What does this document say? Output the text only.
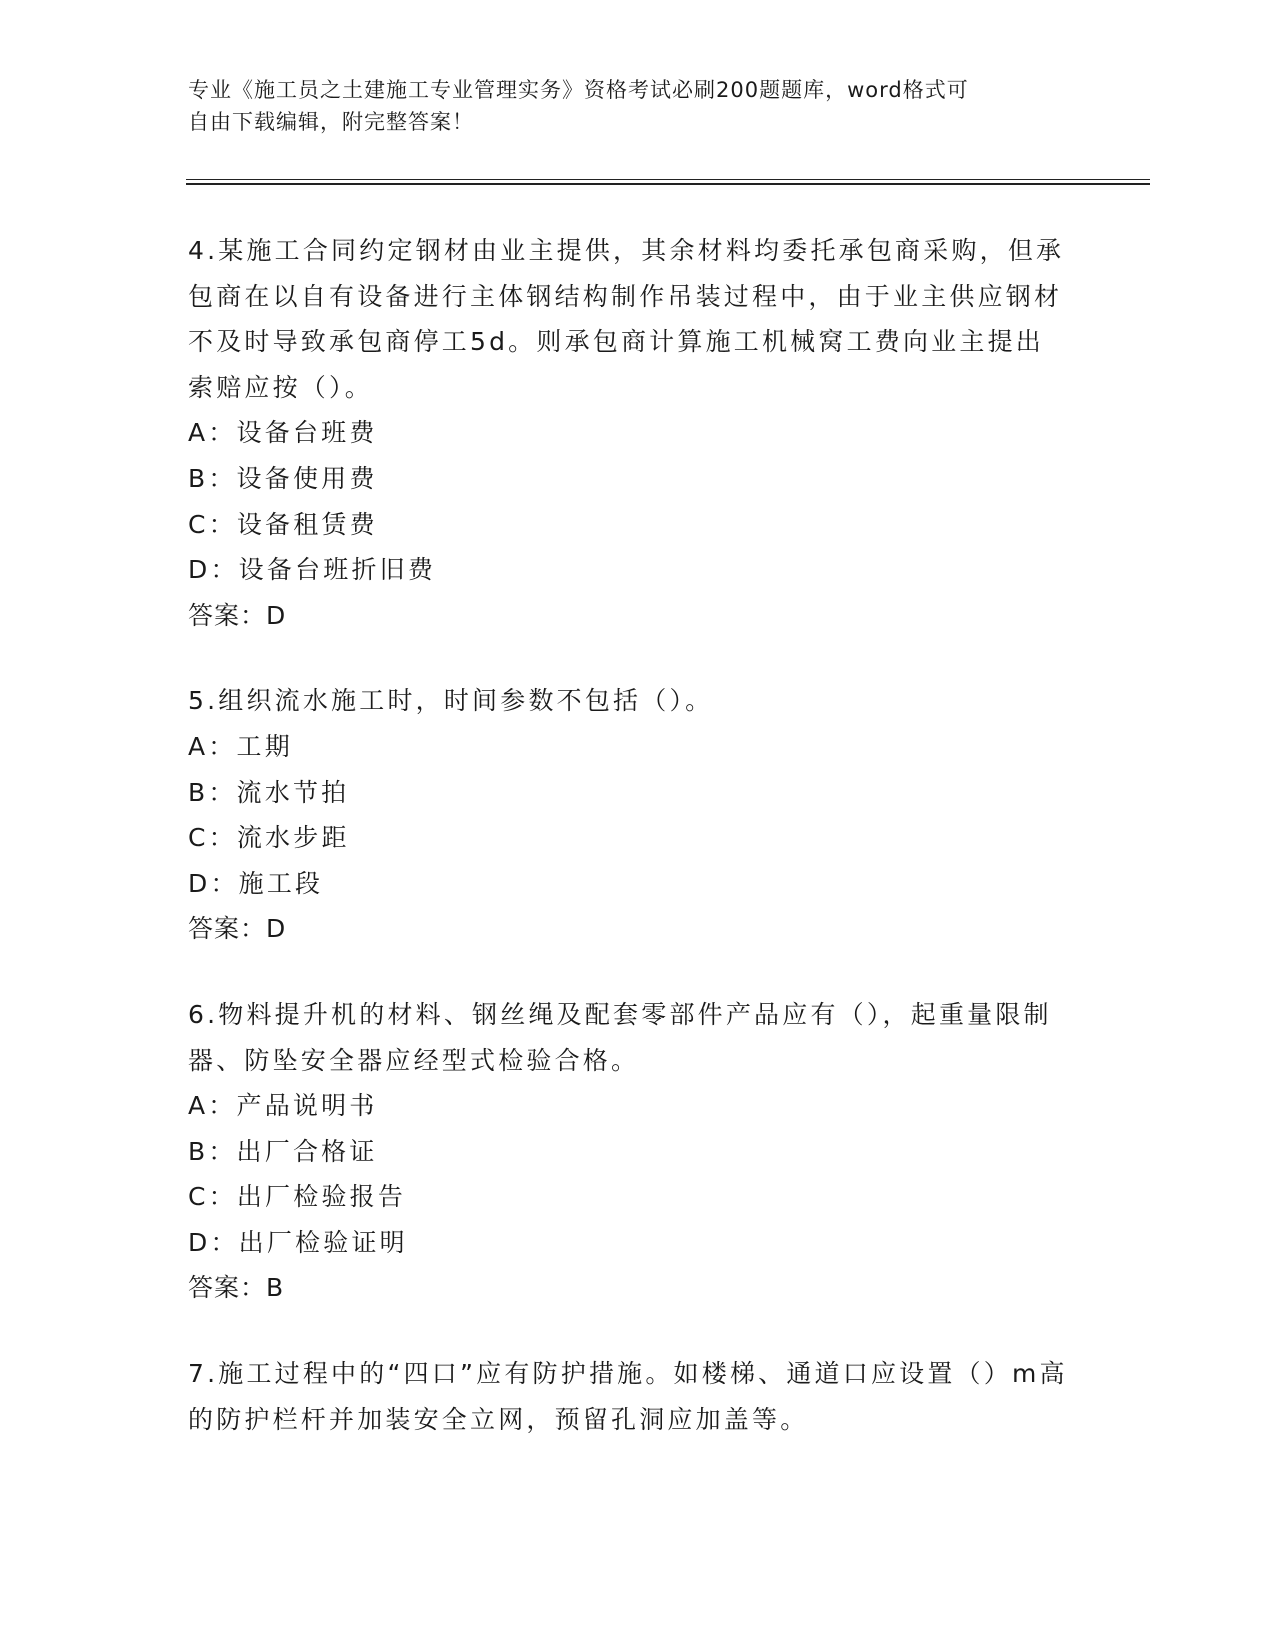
专业《施工员之土建施工专业管理实务》资格考试必刷200题题库，word格式可
自由下载编辑，附完整答案！
4.某施工合同约定钢材由业主提供，其余材料均委托承包商采购，但承包商在以自有设备进行主体钢结构制作吊装过程中，由于业主供应钢材不及时导致承包商停工5d。则承包商计算施工机械窝工费向业主提出索赔应按（）。
A：设备台班费
B：设备使用费
C：设备租赁费
D：设备台班折旧费
答案：D
5.组织流水施工时，时间参数不包括（）。
A：工期
B：流水节拍
C：流水步距
D：施工段
答案：D
6.物料提升机的材料、钢丝绳及配套零部件产品应有（），起重量限制器、防坠安全器应经型式检验合格。
A：产品说明书
B：出厂合格证
C：出厂检验报告
D：出厂检验证明
答案：B
7.施工过程中的“四口”应有防护措施。如楼梯、通道口应设置（）m高的防护栏杆并加装安全立网，预留孔洞应加盖等。
